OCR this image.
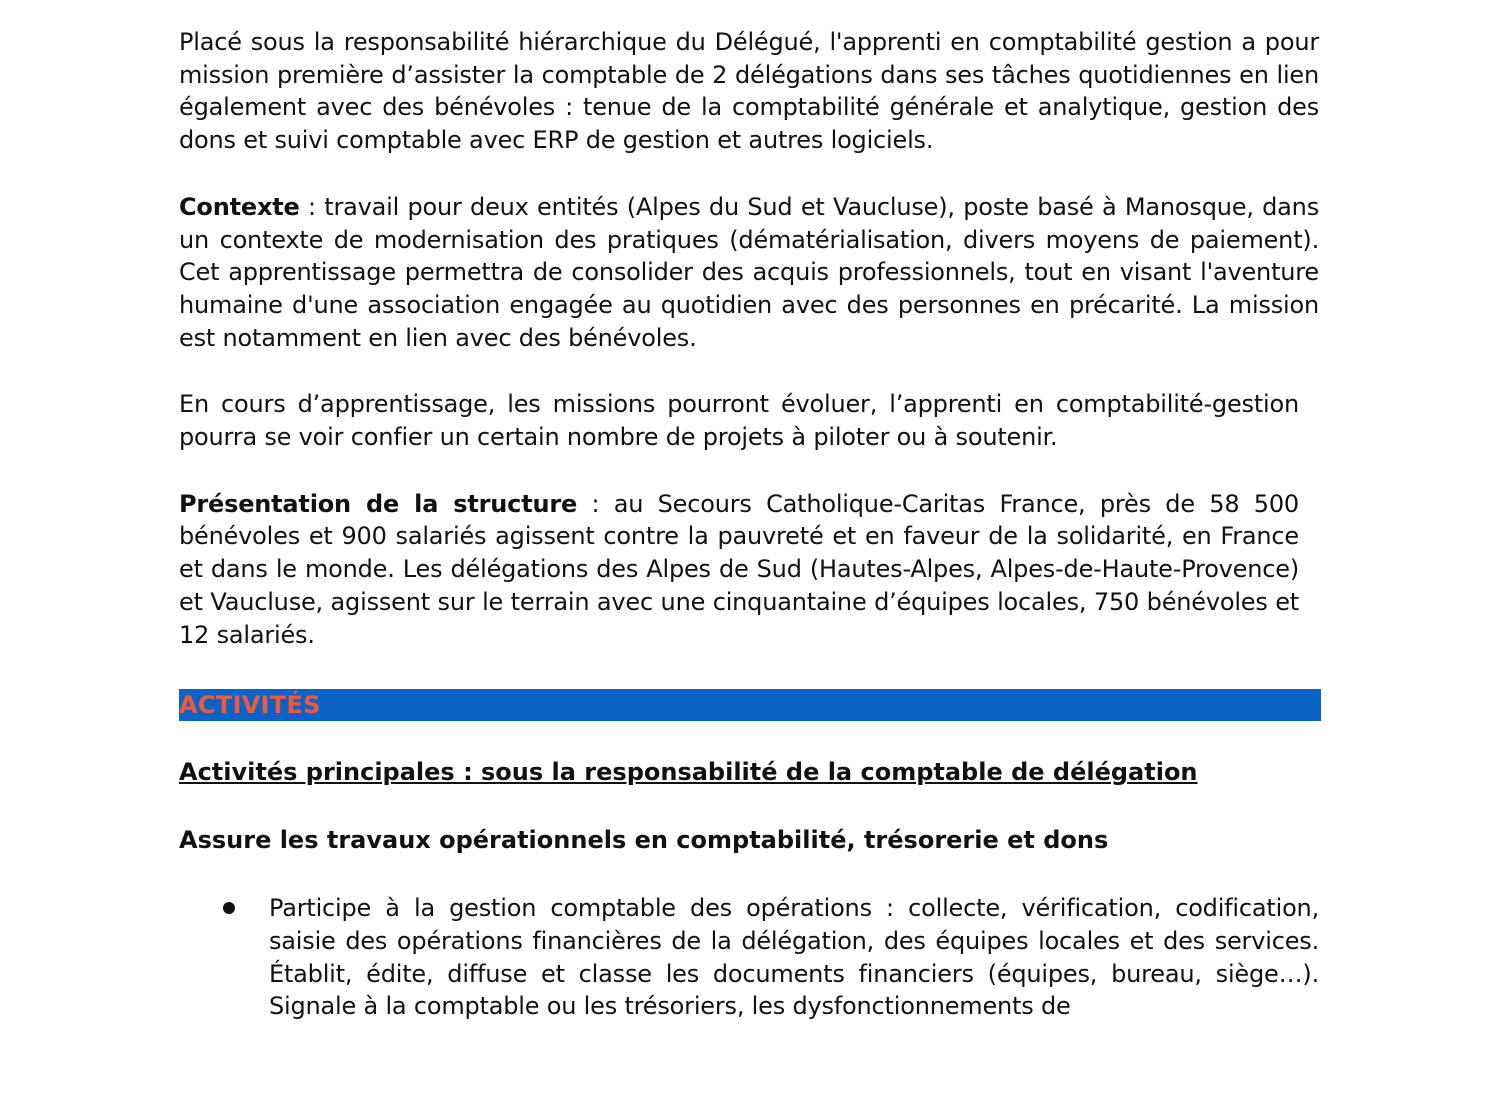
Placé sous la responsabilité hiérarchique du Délégué, l'apprenti en comptabilité gestion a pour mission première d’assister la comptable de 2 délégations dans ses tâches quotidiennes en lien également avec des bénévoles : tenue de la comptabilité générale et analytique, gestion des dons et suivi comptable avec ERP de gestion et autres logiciels.

Contexte : travail pour deux entités (Alpes du Sud et Vaucluse), poste basé à Manosque, dans un contexte de modernisation des pratiques (dématérialisation, divers moyens de paiement). Cet apprentissage permettra de consolider des acquis professionnels, tout en visant l'aventure humaine d'une association engagée au quotidien avec des personnes en précarité. La mission est notamment en lien avec des bénévoles.

En cours d’apprentissage, les missions pourront évoluer, l’apprenti en comptabilité-gestion pourra se voir confier un certain nombre de projets à piloter ou à soutenir.

Présentation de la structure : au Secours Catholique-Caritas France, près de 58 500 bénévoles et 900 salariés agissent contre la pauvreté et en faveur de la solidarité, en France et dans le monde. Les délégations des Alpes de Sud (Hautes-Alpes, Alpes-de-Haute-Provence) et Vaucluse, agissent sur le terrain avec une cinquantaine d’équipes locales, 750 bénévoles et 12 salariés.

ACTIVITÉS

Activités principales : sous la responsabilité de la comptable de délégation

Assure les travaux opérationnels en comptabilité, trésorerie et dons

Participe à la gestion comptable des opérations : collecte, vérification, codification, saisie des opérations financières de la délégation, des équipes locales et des services. Établit, édite, diffuse et classe les documents financiers (équipes, bureau, siège…). Signale à la comptable ou les trésoriers, les dysfonctionnements de
